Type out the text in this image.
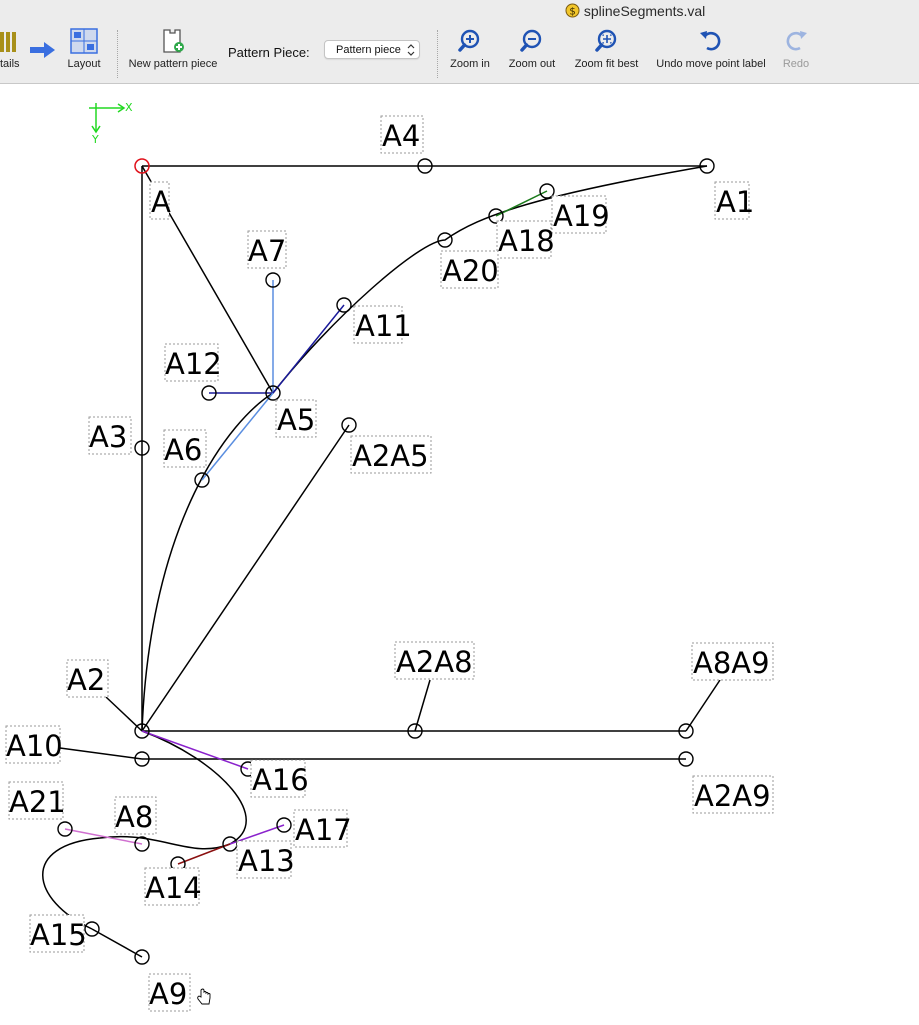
$ splineSegments.val
tails	Layout	New pattern piece
Pattern Piece:	Pattern piece
Zoom in	Zoom out	Zoom fit best	Undo move point label	Redo
X
Y
A
A4
A1
A19
A18
A20
A7
A11
A12
A5
A3 A6	A2A5
A2
A2A8	A8A9
A10
A16	A2A9
A21 A8	A17
A13
A14
A15
A9
